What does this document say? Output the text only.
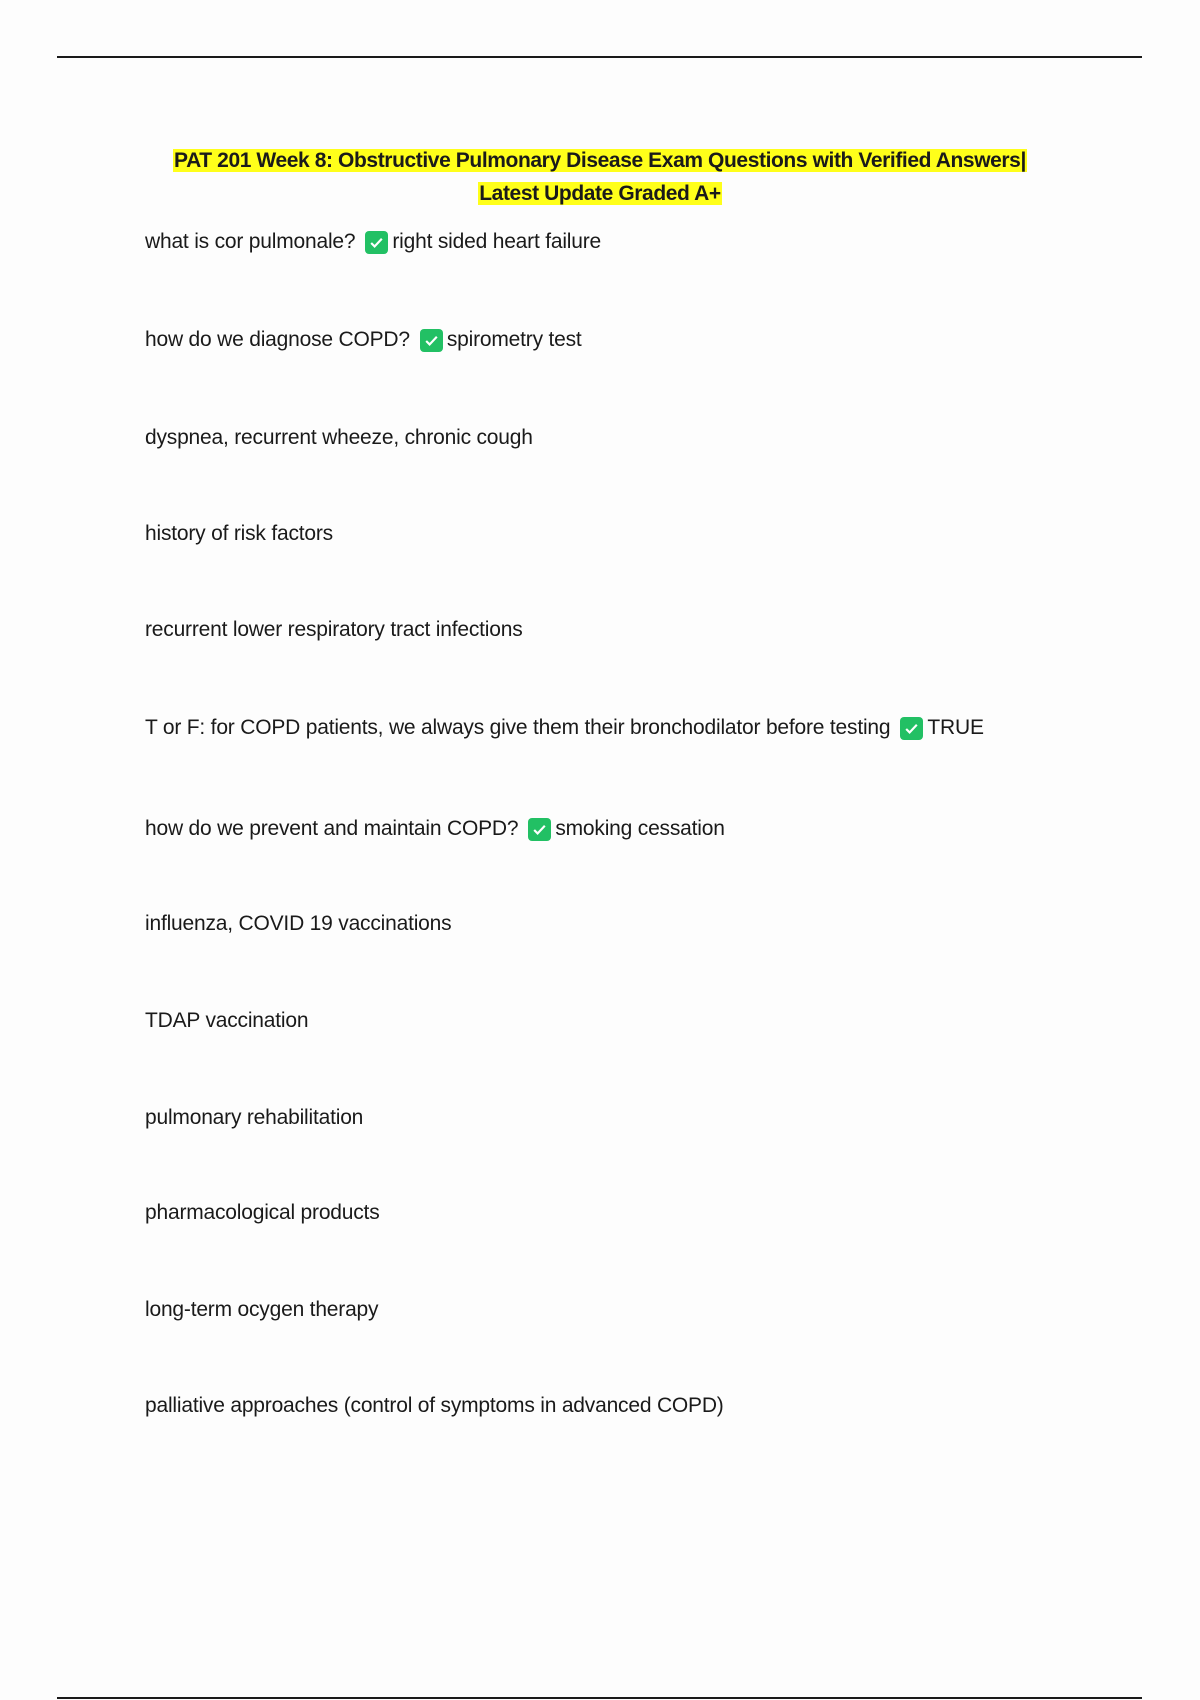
PAT 201 Week 8: Obstructive Pulmonary Disease Exam Questions with Verified Answers|
Latest Update Graded A+
what is cor pulmonale? right sided heart failure
how do we diagnose COPD? spirometry test
dyspnea, recurrent wheeze, chronic cough
history of risk factors
recurrent lower respiratory tract infections
T or F: for COPD patients, we always give them their bronchodilator before testing TRUE
how do we prevent and maintain COPD? smoking cessation
influenza, COVID 19 vaccinations
TDAP vaccination
pulmonary rehabilitation
pharmacological products
long-term ocygen therapy
palliative approaches (control of symptoms in advanced COPD)
